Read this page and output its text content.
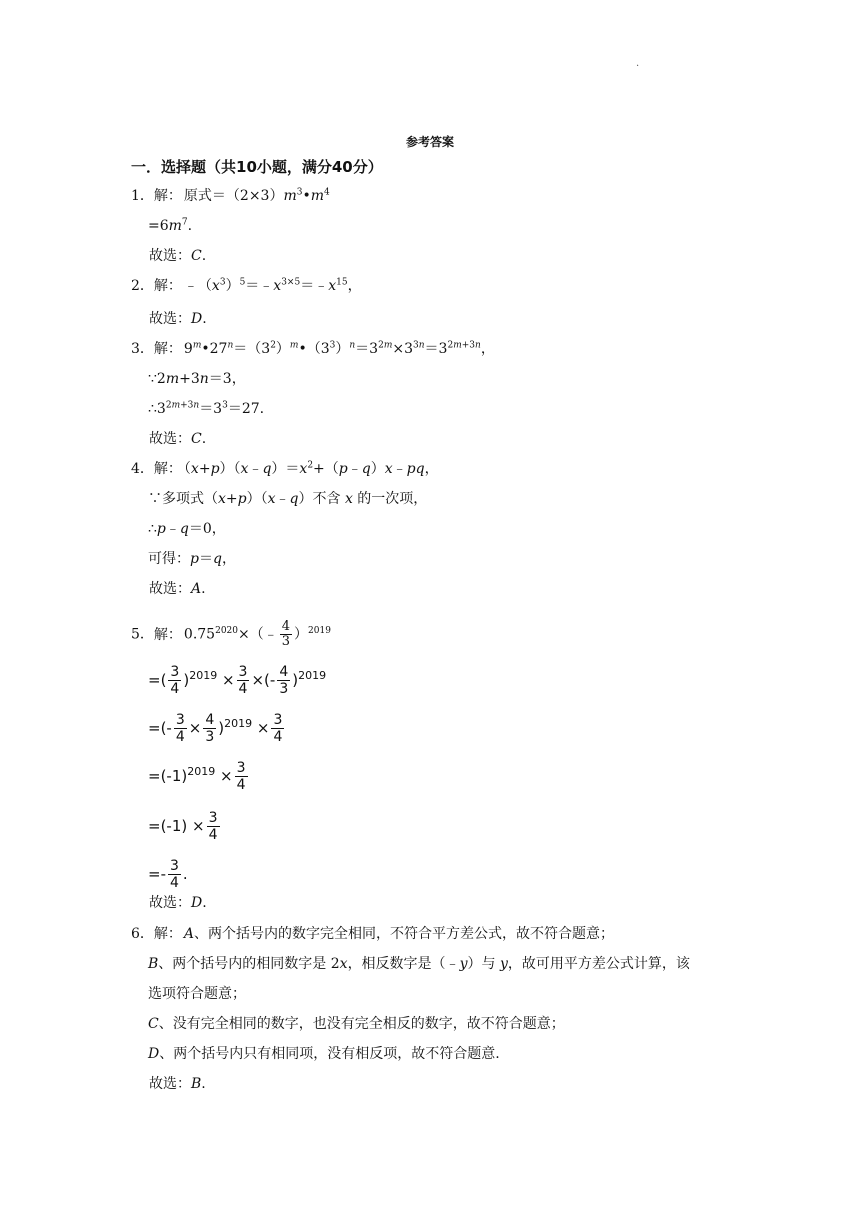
.
参考答案
一．选择题（共10小题，满分40分）
1．解： 原式$=(2\times 3)m^3•m^4$
$=6m^7$.
故选：C.
2．解： $﹣(x^3)^5=﹣x^{3\times 5}=﹣x^{15}$，
故选：D.
3．解： $9^m•27^n=(3^2)^m•(3^3)^n=3^{2m}\times 3^{3n}=3^{2m+3n}$，
∵2m+3n＝3，
$\therefore 3^{2m+3n}=3^3=27$.
故选：C.
4．解： $(x+p)(x﹣q)=x^2+(p﹣q)x﹣pq$，
∵多项式（x+p）（x﹣q）不含 x 的一次项，
∴p﹣q＝0，
可得：p＝q，
故选：A.
5．解： $0.75^{2020}\times(﹣ \frac{4}{3} )^{2019}$
=( $\frac{3}{4} )^{2019} \times \frac{3}{4}$ ×(- $\frac{4}{3} )^{2019}$
=(- $\frac{3}{4} \times \frac{4}{3} )^{2019} \times \frac{3}{4}$
$=(-1)^{2019} \times \frac{3}{4}$
$=(-1) \times \frac{3}{4}$
=- $\frac{3}{4}$ .
故选：D.
6．解： A、两个括号内的数字完全相同，不符合平方差公式，故不符合题意；
B、两个括号内的相同数字是 2x，相反数字是（﹣y）与 y，故可用平方差公式计算，该
选项符合题意；
C、没有完全相同的数字，也没有完全相反的数字，故不符合题意；
D、两个括号内只有相同项，没有相反项，故不符合题意.
故选：B.
